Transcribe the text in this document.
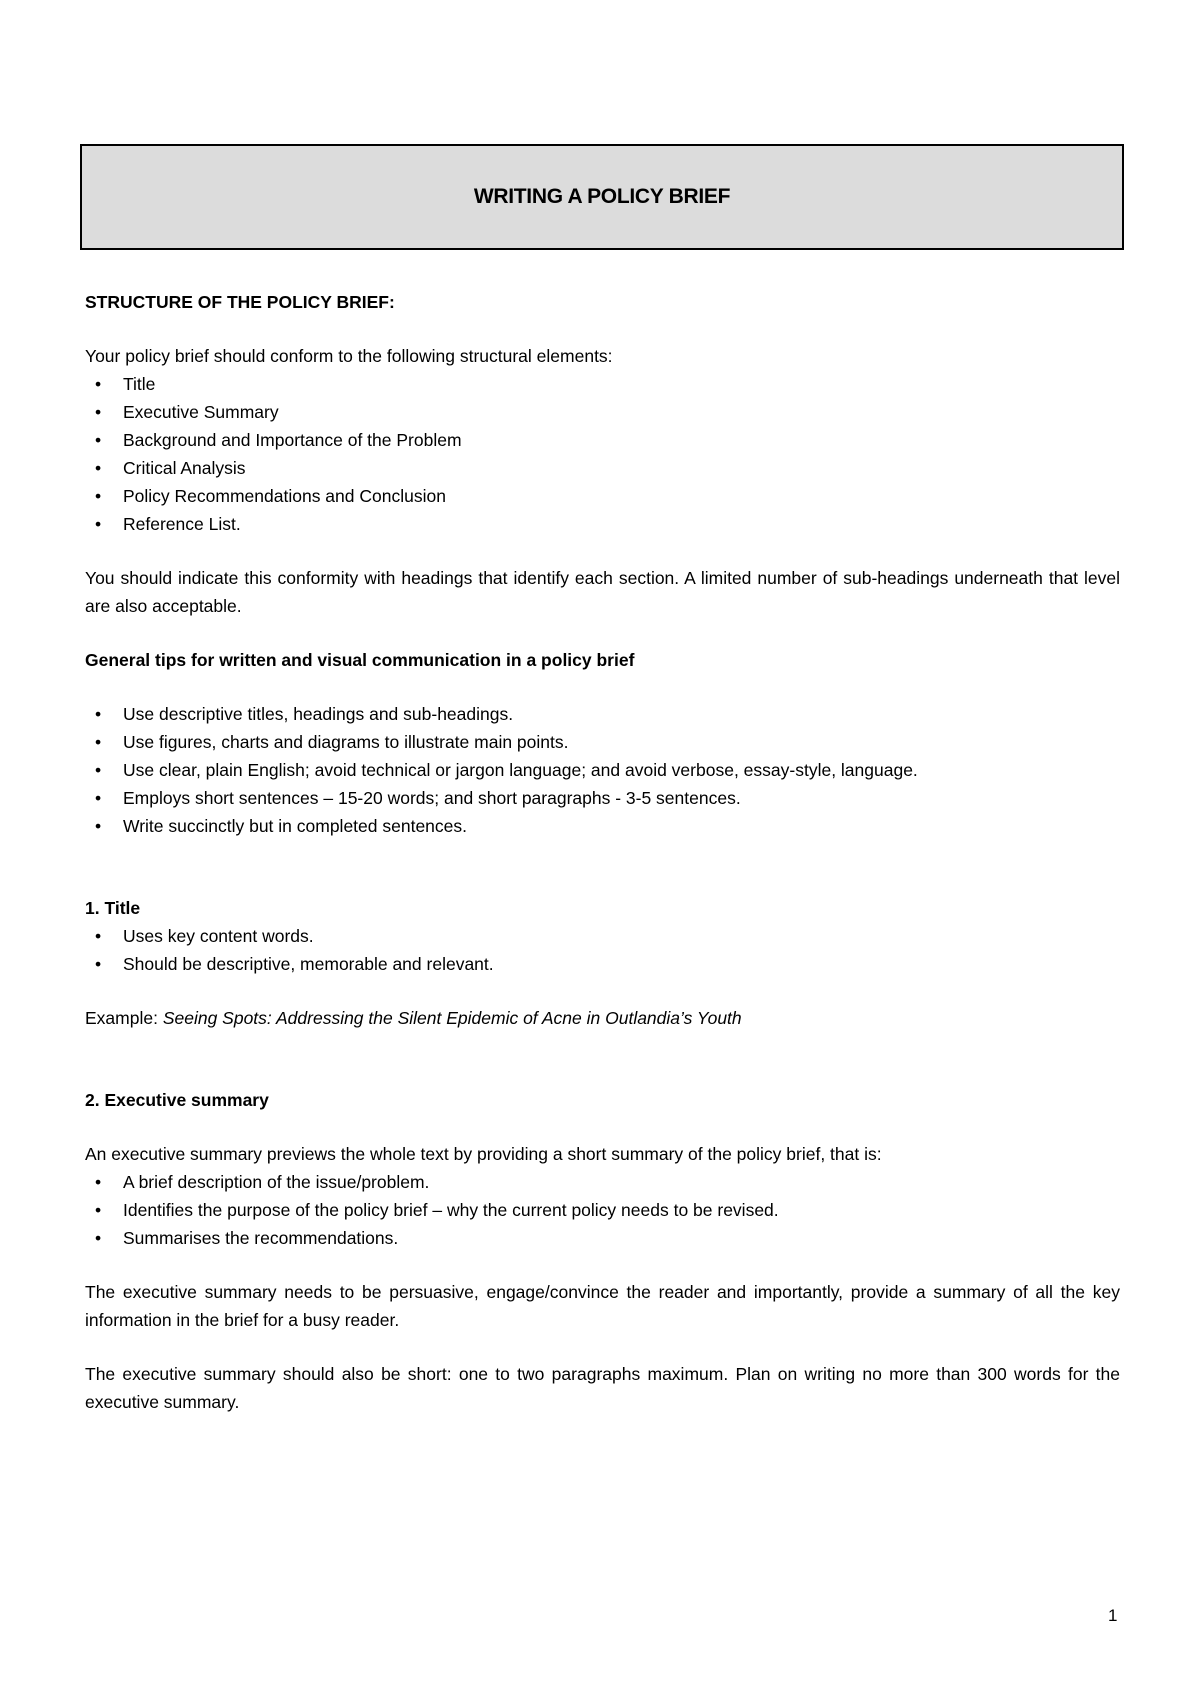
WRITING A POLICY BRIEF

STRUCTURE OF THE POLICY BRIEF:

Your policy brief should conform to the following structural elements:

• Title
• Executive Summary
• Background and Importance of the Problem
• Critical Analysis
• Policy Recommendations and Conclusion
• Reference List.

You should indicate this conformity with headings that identify each section. A limited number of sub-headings underneath that level are also acceptable.

General tips for written and visual communication in a policy brief

• Use descriptive titles, headings and sub-headings.
• Use figures, charts and diagrams to illustrate main points.
• Use clear, plain English; avoid technical or jargon language; and avoid verbose, essay-style, language.
• Employs short sentences – 15-20 words; and short paragraphs - 3-5 sentences.
• Write succinctly but in completed sentences.

1. Title

• Uses key content words.
• Should be descriptive, memorable and relevant.

Example: Seeing Spots: Addressing the Silent Epidemic of Acne in Outlandia’s Youth

2. Executive summary

An executive summary previews the whole text by providing a short summary of the policy brief, that is:

• A brief description of the issue/problem.
• Identifies the purpose of the policy brief – why the current policy needs to be revised.
• Summarises the recommendations.

The executive summary needs to be persuasive, engage/convince the reader and importantly, provide a summary of all the key information in the brief for a busy reader.

The executive summary should also be short: one to two paragraphs maximum. Plan on writing no more than 300 words for the executive summary.

1
